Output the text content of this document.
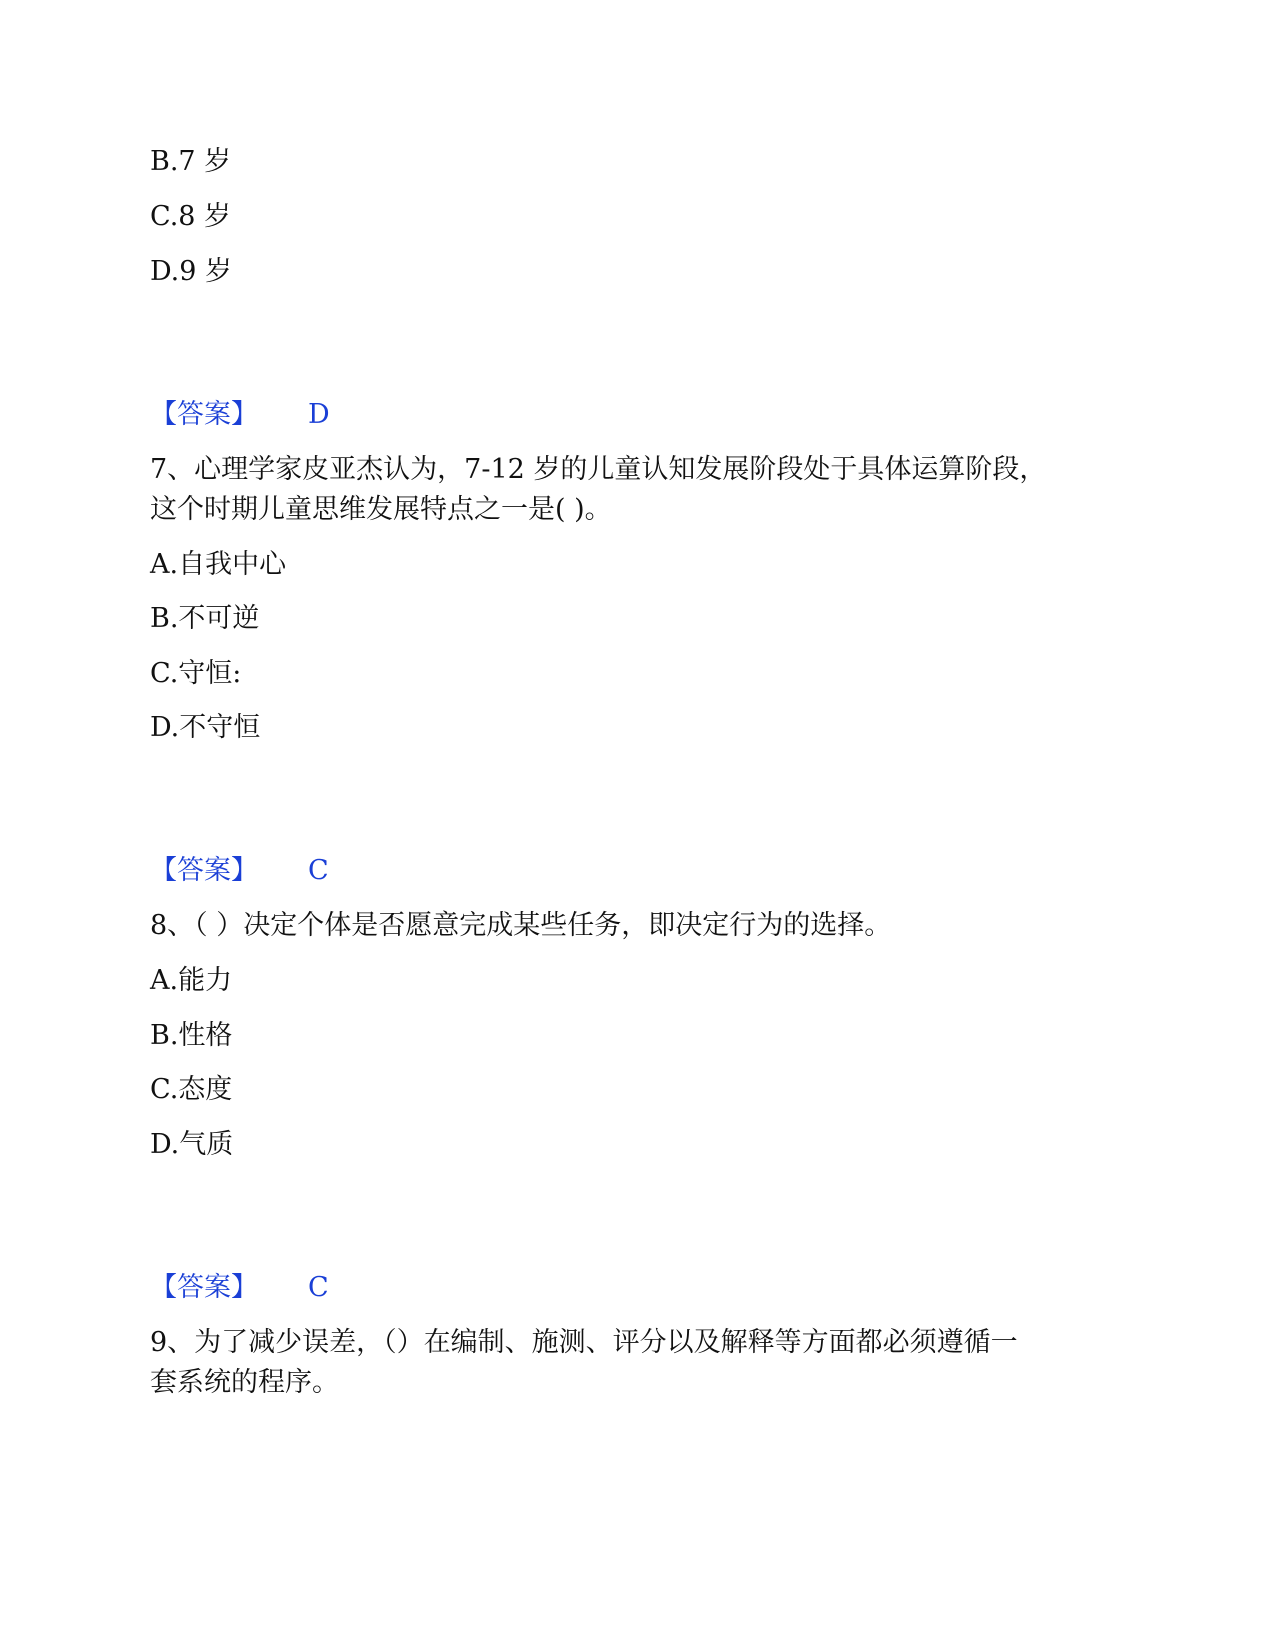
B.7 岁
C.8 岁
D.9 岁
【答案】 D
7、心理学家皮亚杰认为，7-12 岁的儿童认知发展阶段处于具体运算阶段，
这个时期儿童思维发展特点之一是( )。
A.自我中心
B.不可逆
C.守恒:
D.不守恒
【答案】 C
8、（ ）决定个体是否愿意完成某些任务，即决定行为的选择。
A.能力
B.性格
C.态度
D.气质
【答案】 C
9、为了减少误差，（）在编制、施测、评分以及解释等方面都必须遵循一
套系统的程序。
